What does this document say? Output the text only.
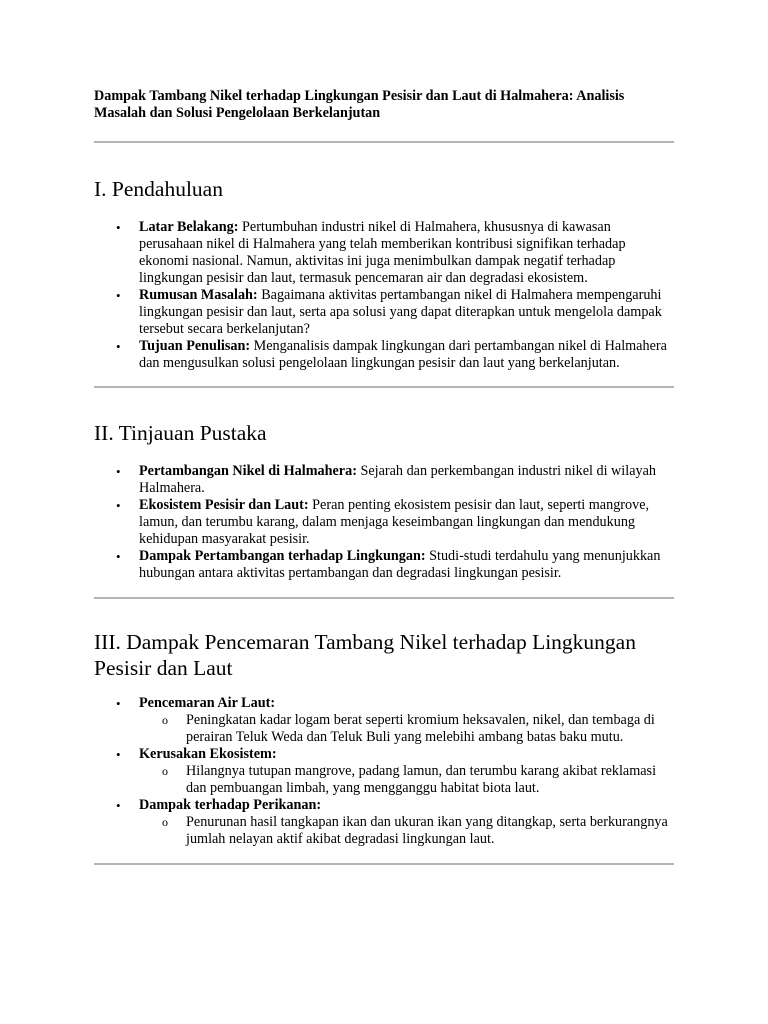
Dampak Tambang Nikel terhadap Lingkungan Pesisir dan Laut di Halmahera: Analisis Masalah dan Solusi Pengelolaan Berkelanjutan

I. Pendahuluan
• Latar Belakang: Pertumbuhan industri nikel di Halmahera, khususnya di kawasan perusahaan nikel di Halmahera yang telah memberikan kontribusi signifikan terhadap ekonomi nasional. Namun, aktivitas ini juga menimbulkan dampak negatif terhadap lingkungan pesisir dan laut, termasuk pencemaran air dan degradasi ekosistem.
• Rumusan Masalah: Bagaimana aktivitas pertambangan nikel di Halmahera mempengaruhi lingkungan pesisir dan laut, serta apa solusi yang dapat diterapkan untuk mengelola dampak tersebut secara berkelanjutan?
• Tujuan Penulisan: Menganalisis dampak lingkungan dari pertambangan nikel di Halmahera dan mengusulkan solusi pengelolaan lingkungan pesisir dan laut yang berkelanjutan.
II. Tinjauan Pustaka
• Pertambangan Nikel di Halmahera: Sejarah dan perkembangan industri nikel di wilayah Halmahera.
• Ekosistem Pesisir dan Laut: Peran penting ekosistem pesisir dan laut, seperti mangrove, lamun, dan terumbu karang, dalam menjaga keseimbangan lingkungan dan mendukung kehidupan masyarakat pesisir.
• Dampak Pertambangan terhadap Lingkungan: Studi-studi terdahulu yang menunjukkan hubungan antara aktivitas pertambangan dan degradasi lingkungan pesisir.
III. Dampak Pencemaran Tambang Nikel terhadap Lingkungan Pesisir dan Laut
• Pencemaran Air Laut:
o Peningkatan kadar logam berat seperti kromium heksavalen, nikel, dan tembaga di perairan Teluk Weda dan Teluk Buli yang melebihi ambang batas baku mutu.
• Kerusakan Ekosistem:
o Hilangnya tutupan mangrove, padang lamun, dan terumbu karang akibat reklamasi dan pembuangan limbah, yang mengganggu habitat biota laut.
• Dampak terhadap Perikanan:
o Penurunan hasil tangkapan ikan dan ukuran ikan yang ditangkap, serta berkurangnya jumlah nelayan aktif akibat degradasi lingkungan laut.
